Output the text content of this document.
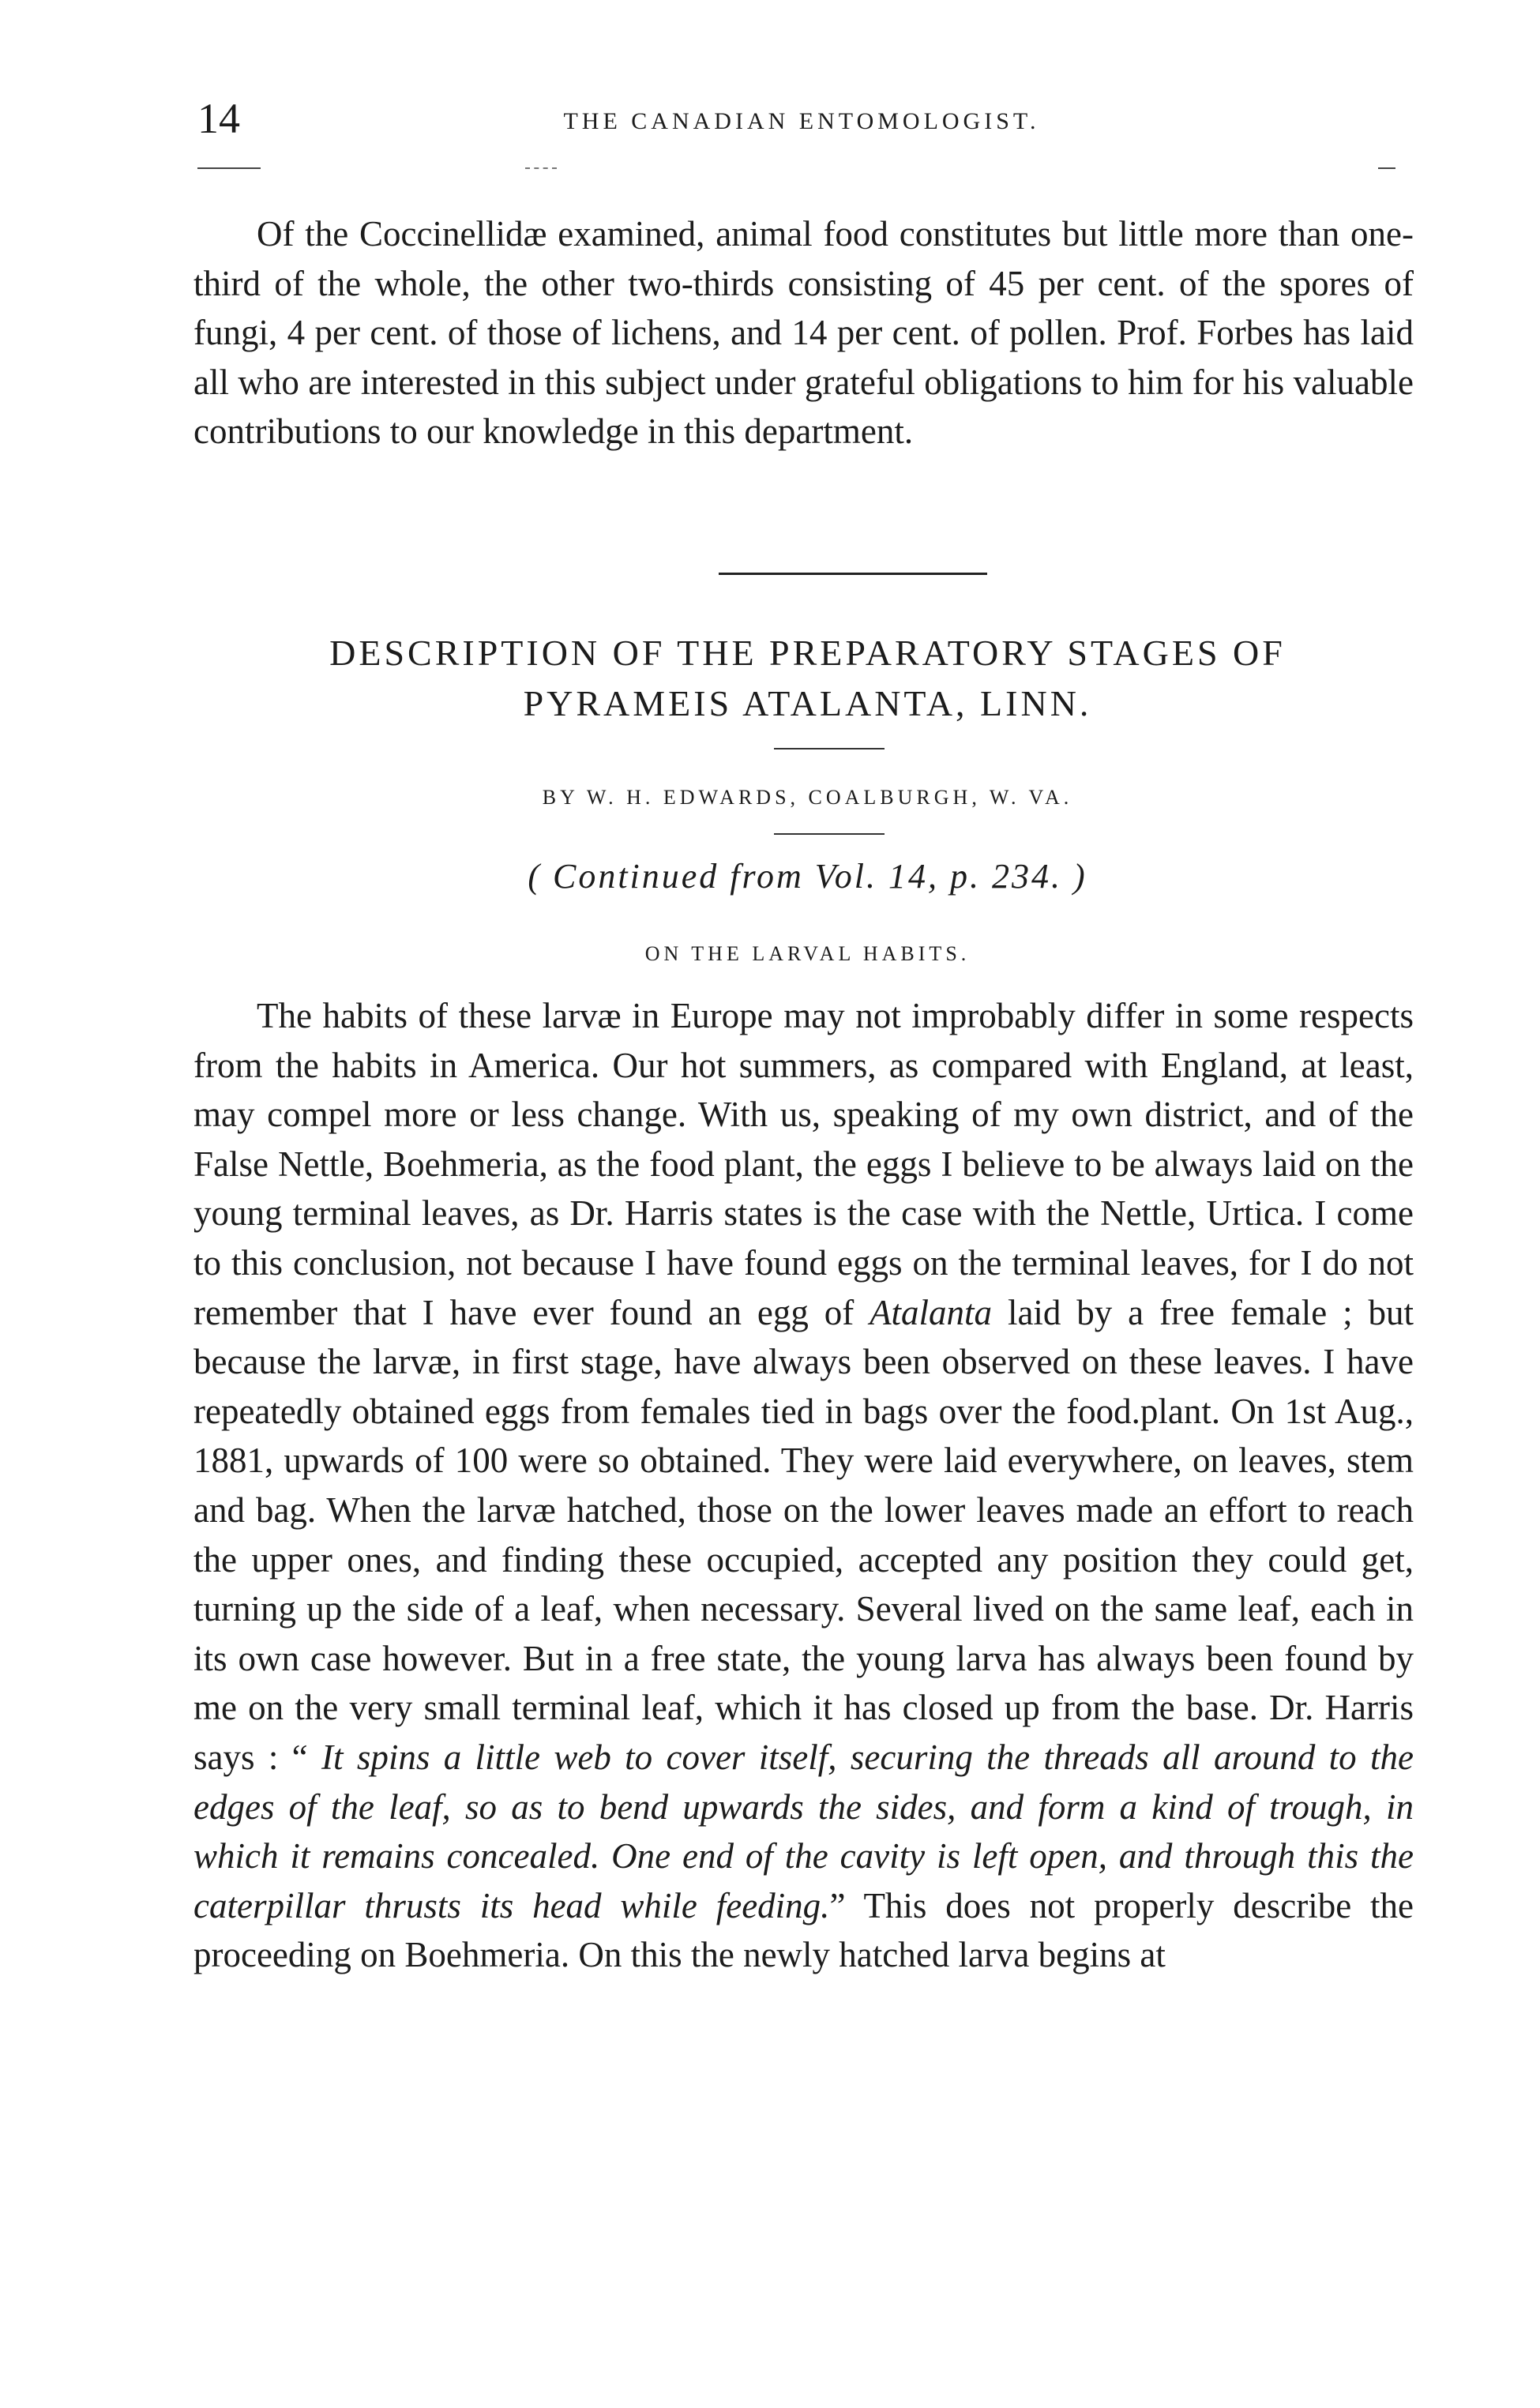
14	THE CANADIAN ENTOMOLOGIST.

Of the Coccinellidæ examined, animal food constitutes but little more than one-third of the whole, the other two-thirds consisting of 45 per cent. of the spores of fungi, 4 per cent. of those of lichens, and 14 per cent. of pollen. Prof. Forbes has laid all who are interested in this subject under grateful obligations to him for his valuable contributions to our knowledge in this department.

DESCRIPTION OF THE PREPARATORY STAGES OF
PYRAMEIS ATALANTA, LINN.
BY W. H. EDWARDS, COALBURGH, W. VA.
( Continued from Vol. 14, p. 234. )
ON THE LARVAL HABITS.

The habits of these larvæ in Europe may not improbably differ in some respects from the habits in America. Our hot summers, as compared with England, at least, may compel more or less change. With us, speaking of my own district, and of the False Nettle, Boehmeria, as the food plant, the eggs I believe to be always laid on the young terminal leaves, as Dr. Harris states is the case with the Nettle, Urtica. I come to this conclusion, not because I have found eggs on the terminal leaves, for I do not remember that I have ever found an egg of Atalanta laid by a free female ; but because the larvæ, in first stage, have always been observed on these leaves. I have repeatedly obtained eggs from females tied in bags over the food.plant. On 1st Aug., 1881, upwards of 100 were so obtained. They were laid everywhere, on leaves, stem and bag. When the larvæ hatched, those on the lower leaves made an effort to reach the upper ones, and finding these occupied, accepted any position they could get, turning up the side of a leaf, when necessary. Several lived on the same leaf, each in its own case however. But in a free state, the young larva has always been found by me on the very small terminal leaf, which it has closed up from the base. Dr. Harris says : “ It spins a little web to cover itself, securing the threads all around to the edges of the leaf, so as to bend upwards the sides, and form a kind of trough, in which it remains concealed. One end of the cavity is left open, and through this the caterpillar thrusts its head while feeding.” This does not properly describe the proceeding on Boehmeria. On this the newly hatched larva begins at
